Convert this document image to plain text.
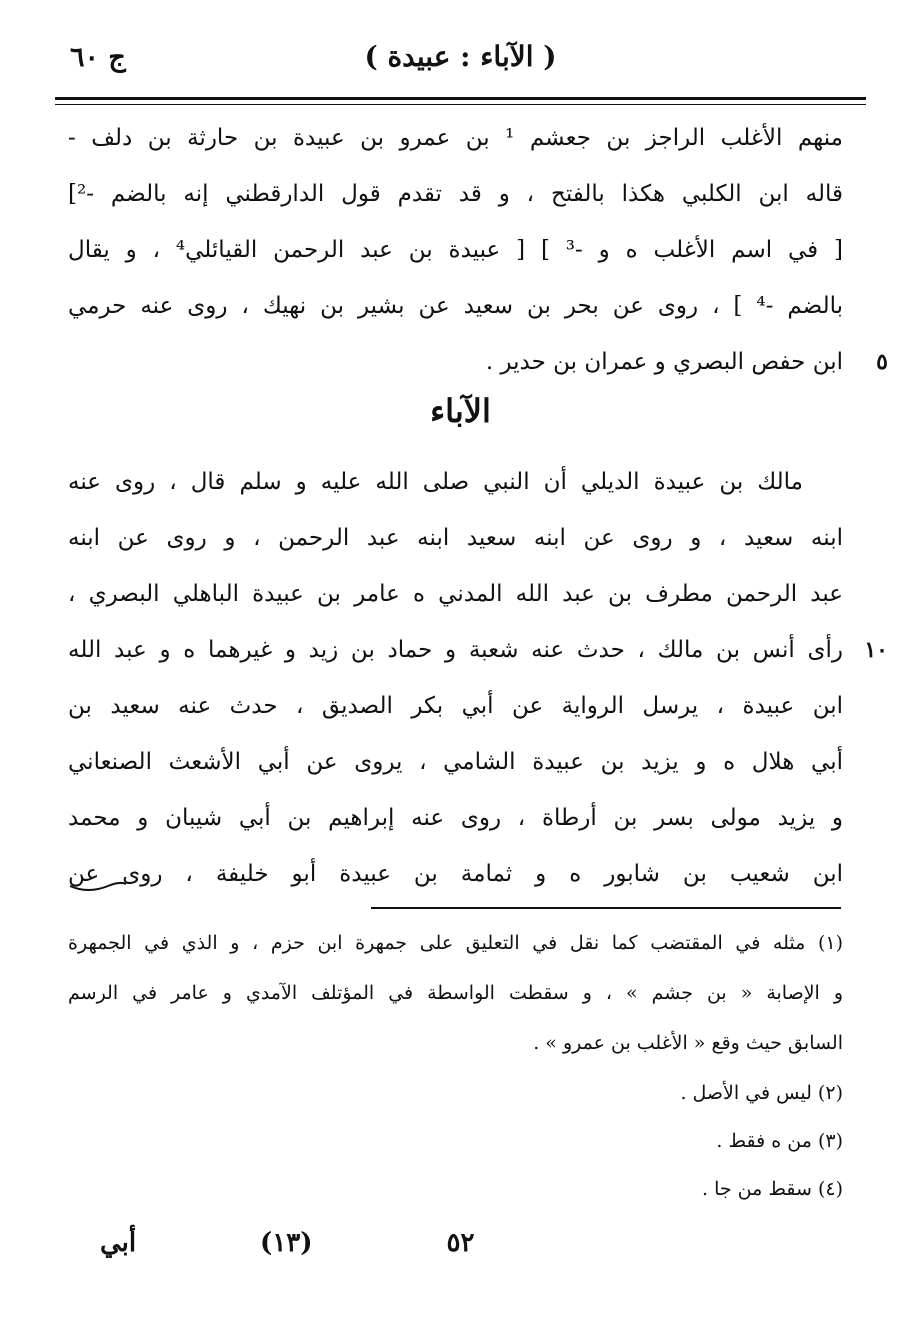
( الآباء : عبيدة )
ج ٦٠
منهم الأغلب الراجز بن جعشم ¹ بن عمرو بن عبيدة بن حارثة بن دلف -
قاله ابن الكلبي هكذا بالفتح ، و قد تقدم قول الدارقطني إنه بالضم -²]
[ في اسم الأغلب ه و -³ ] [ عبيدة بن عبد الرحمن القيائلي⁴ ، و يقال
بالضم -⁴ ] ، روى عن بحر بن سعيد عن بشير بن نهيك ، روى عنه حرمي
ابن حفص البصري و عمران بن حدير . ٥
الآباء
مالك بن عبيدة الديلي أن النبي صلى الله عليه و سلم قال ، روى عنه
ابنه سعيد ، و روى عن ابنه سعيد ابنه عبد الرحمن ، و روى عن ابنه
عبد الرحمن مطرف بن عبد الله المدني ه عامر بن عبيدة الباهلي البصري ،
رأى أنس بن مالك ، حدث عنه شعبة و حماد بن زيد و غيرهما ه و عبد الله
ابن عبيدة ، يرسل الرواية عن أبي بكر الصديق ، حدث عنه سعيد بن
أبي هلال ه و يزيد بن عبيدة الشامي ، يروى عن أبي الأشعث الصنعاني
و يزيد مولى بسر بن أرطاة ، روى عنه إبراهيم بن أبي شيبان و محمد
ابن شعيب بن شابور ه و ثمامة بن عبيدة أبو خليفة ، روى عن
١٠
(١) مثله في المقتضب كما نقل في التعليق على جمهرة ابن حزم ، و الذي في الجمهرة
و الإصابة « بن جشم » ، و سقطت الواسطة في المؤتلف الآمدي و عامر في الرسم
السابق حيث وقع « الأغلب بن عمرو » .
(٢) ليس في الأصل .
(٣) من ه فقط .
(٤) سقط من جا .
٥٢
(١٣)
أبي
